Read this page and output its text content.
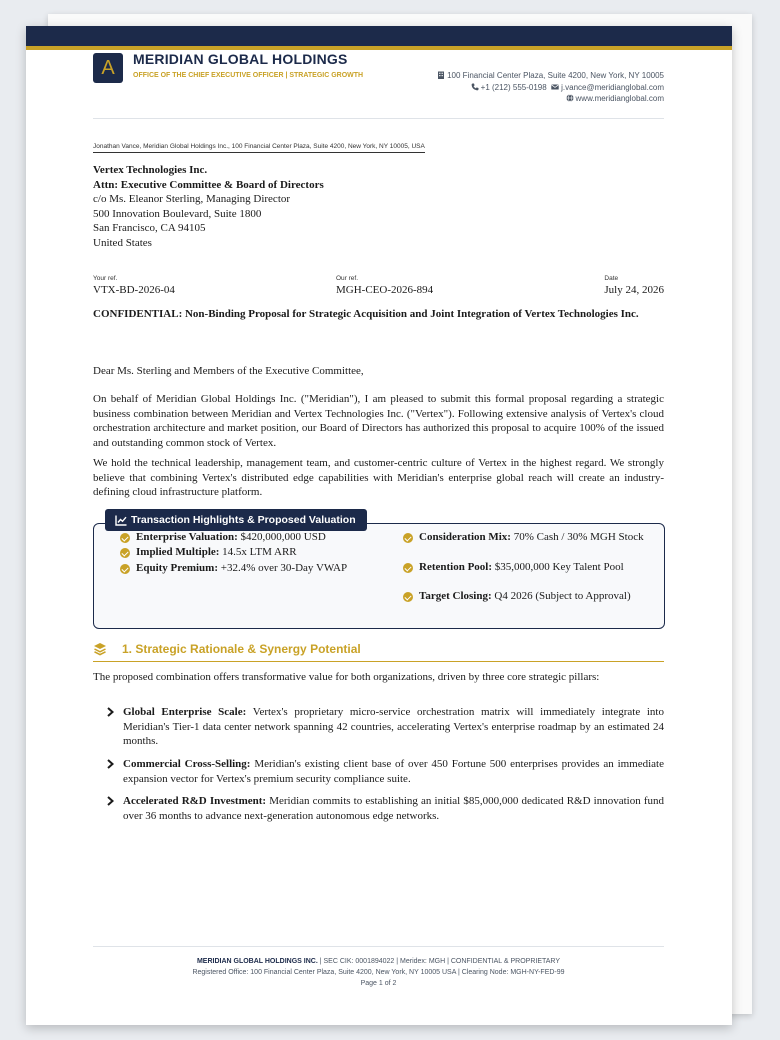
A MERIDIAN GLOBAL HOLDINGS
OFFICE OF THE CHIEF EXECUTIVE OFFICER | STRATEGIC GROWTH	100 Financial Center Plaza, Suite 4200, New York, NY 10005
+1 (212) 555-0198 j.vance@meridianglobal.com
www.meridianglobal.com
Jonathan Vance, Meridian Global Holdings Inc., 100 Financial Center Plaza, Suite 4200, New York, NY 10005, USA
Vertex Technologies Inc.
Attn: Executive Committee & Board of Directors
c/o Ms. Eleanor Sterling, Managing Director
500 Innovation Boulevard, Suite 1800
San Francisco, CA 94105
United States
Your ref.
VTX-BD-2026-04
Our ref.
MGH-CEO-2026-894
Date
July 24, 2026
CONFIDENTIAL: Non-Binding Proposal for Strategic Acquisition and Joint Integration of Vertex Technologies Inc.
Dear Ms. Sterling and Members of the Executive Committee,
On behalf of Meridian Global Holdings Inc. ("Meridian"), I am pleased to submit this formal proposal regarding a strategic business combination between Meridian and Vertex Technologies Inc. ("Vertex"). Following extensive analysis of Vertex's cloud orchestration architecture and market position, our Board of Directors has authorized this proposal to acquire 100% of the issued and outstanding common stock of Vertex.
We hold the technical leadership, management team, and customer-centric culture of Vertex in the highest regard. We strongly believe that combining Vertex's distributed edge capabilities with Meridian's enterprise global reach will create an industry-defining cloud infrastructure platform.
Transaction Highlights & Proposed Valuation
Enterprise Valuation: $420,000,000 USD
Implied Multiple: 14.5x LTM ARR
Equity Premium: +32.4% over 30-Day VWAP
Consideration Mix: 70% Cash / 30% MGH Stock
Retention Pool: $35,000,000 Key Talent Pool
Target Closing: Q4 2026 (Subject to Approval)
1. Strategic Rationale & Synergy Potential
The proposed combination offers transformative value for both organizations, driven by three core strategic pillars:
Global Enterprise Scale: Vertex's proprietary micro-service orchestration matrix will immediately integrate into Meridian's Tier-1 data center network spanning 42 countries, accelerating Vertex's enterprise roadmap by an estimated 24 months.
Commercial Cross-Selling: Meridian's existing client base of over 450 Fortune 500 enterprises provides an immediate expansion vector for Vertex's premium security compliance suite.
Accelerated R&D Investment: Meridian commits to establishing an initial $85,000,000 dedicated R&D innovation fund over 36 months to advance next-generation autonomous edge networks.
MERIDIAN GLOBAL HOLDINGS INC. | SEC CIK: 0001894022 | Meridex: MGH | CONFIDENTIAL & PROPRIETARY
Registered Office: 100 Financial Center Plaza, Suite 4200, New York, NY 10005 USA | Clearing Node: MGH-NY-FED-99
Page 1 of 2
